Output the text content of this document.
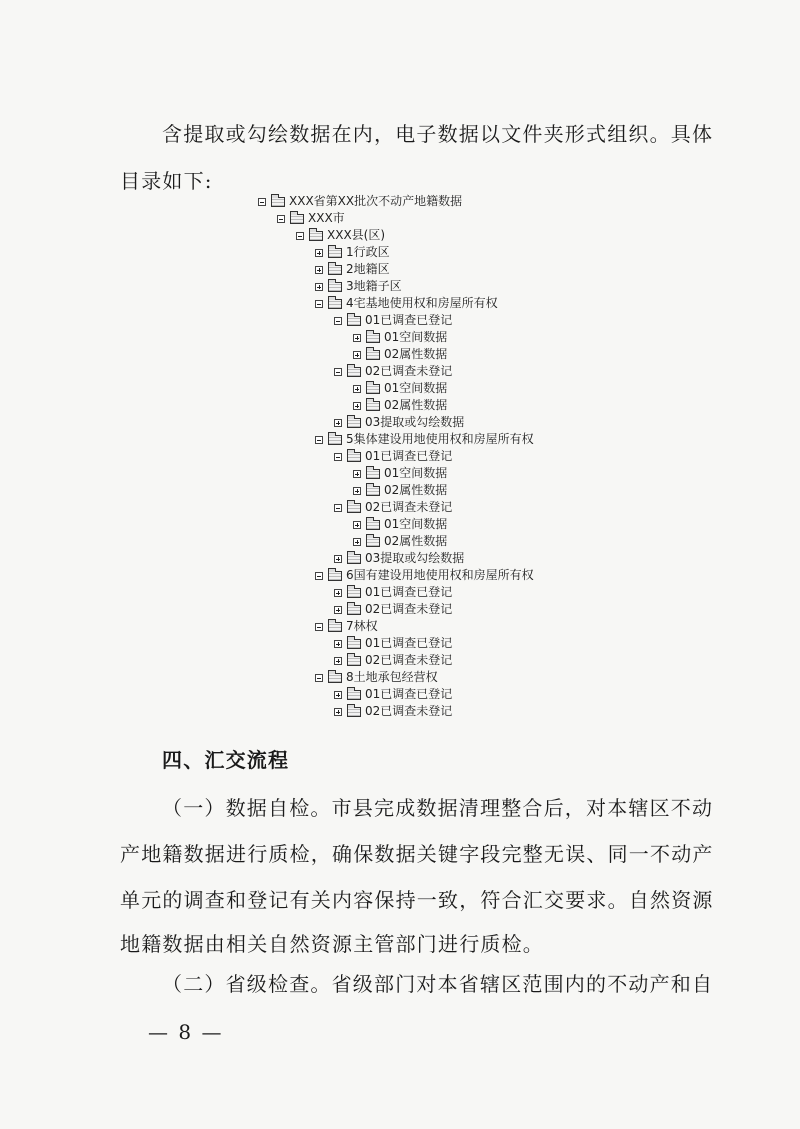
含提取或勾绘数据在内，电子数据以文件夹形式组织。具体

目录如下:

XXX省第XX批次不动产地籍数据
XXX市
XXX县(区)
1行政区
2地籍区
3地籍子区
4宅基地使用权和房屋所有权
01已调查已登记
01空间数据
02属性数据
02已调查未登记
01空间数据
02属性数据
03提取或勾绘数据
5集体建设用地使用权和房屋所有权
01已调查已登记
01空间数据
02属性数据
02已调查未登记
01空间数据
02属性数据
03提取或勾绘数据
6国有建设用地使用权和房屋所有权
01已调查已登记
02已调查未登记
7林权
01已调查已登记
02已调查未登记
8土地承包经营权
01已调查已登记
02已调查未登记

四、汇交流程

（一）数据自检。市县完成数据清理整合后，对本辖区不动

产地籍数据进行质检，确保数据关键字段完整无误、同一不动产

单元的调查和登记有关内容保持一致，符合汇交要求。自然资源

地籍数据由相关自然资源主管部门进行质检。

（二）省级检查。省级部门对本省辖区范围内的不动产和自

— 8 —
